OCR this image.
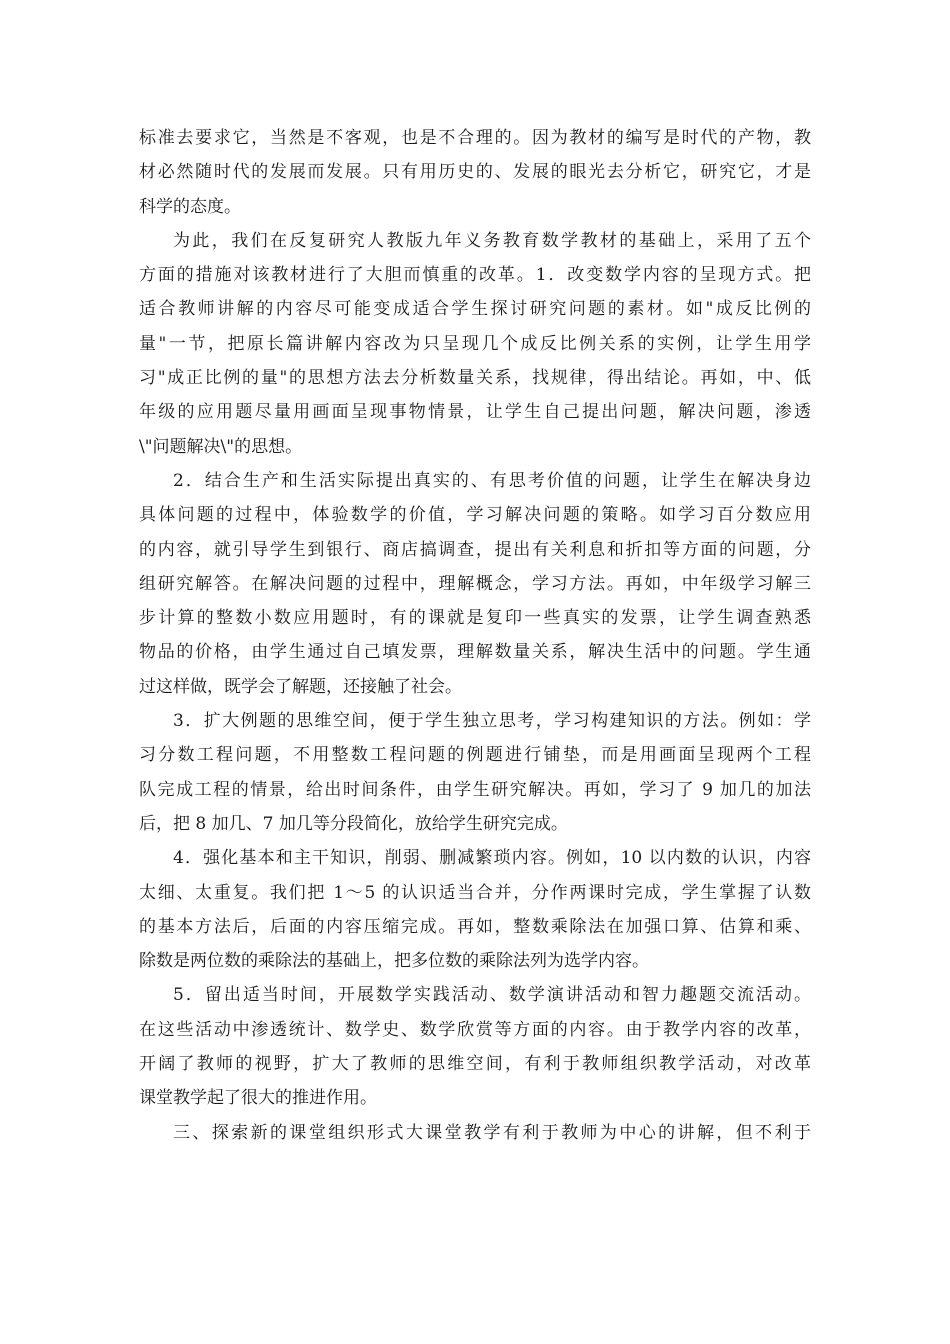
标准去要求它，当然是不客观，也是不合理的。因为教材的编写是时代的产物，教
材必然随时代的发展而发展。只有用历史的、发展的眼光去分析它，研究它，才是
科学的态度。
为此，我们在反复研究人教版九年义务教育数学教材的基础上，采用了五个
方面的措施对该教材进行了大胆而慎重的改革。1．改变数学内容的呈现方式。把
适合教师讲解的内容尽可能变成适合学生探讨研究问题的素材。如"成反比例的
量"一节，把原长篇讲解内容改为只呈现几个成反比例关系的实例，让学生用学
习"成正比例的量"的思想方法去分析数量关系，找规律，得出结论。再如，中、低
年级的应用题尽量用画面呈现事物情景，让学生自己提出问题，解决问题，渗透
\"问题解决\"的思想。
2．结合生产和生活实际提出真实的、有思考价值的问题，让学生在解决身边
具体问题的过程中，体验数学的价值，学习解决问题的策略。如学习百分数应用
的内容，就引导学生到银行、商店搞调查，提出有关利息和折扣等方面的问题，分
组研究解答。在解决问题的过程中，理解概念，学习方法。再如，中年级学习解三
步计算的整数小数应用题时，有的课就是复印一些真实的发票，让学生调查熟悉
物品的价格，由学生通过自己填发票，理解数量关系，解决生活中的问题。学生通
过这样做，既学会了解题，还接触了社会。
3．扩大例题的思维空间，便于学生独立思考，学习构建知识的方法。例如：学
习分数工程问题，不用整数工程问题的例题进行铺垫，而是用画面呈现两个工程
队完成工程的情景，给出时间条件，由学生研究解决。再如，学习了 9 加几的加法
后，把 8 加几、7 加几等分段简化，放给学生研究完成。
4．强化基本和主干知识，削弱、删减繁琐内容。例如，10 以内数的认识，内容
太细、太重复。我们把 1～5 的认识适当合并，分作两课时完成，学生掌握了认数
的基本方法后，后面的内容压缩完成。再如，整数乘除法在加强口算、估算和乘、
除数是两位数的乘除法的基础上，把多位数的乘除法列为选学内容。
5．留出适当时间，开展数学实践活动、数学演讲活动和智力趣题交流活动。
在这些活动中渗透统计、数学史、数学欣赏等方面的内容。由于教学内容的改革，
开阔了教师的视野，扩大了教师的思维空间，有利于教师组织教学活动，对改革
课堂教学起了很大的推进作用。
三、探索新的课堂组织形式大课堂教学有利于教师为中心的讲解，但不利于
